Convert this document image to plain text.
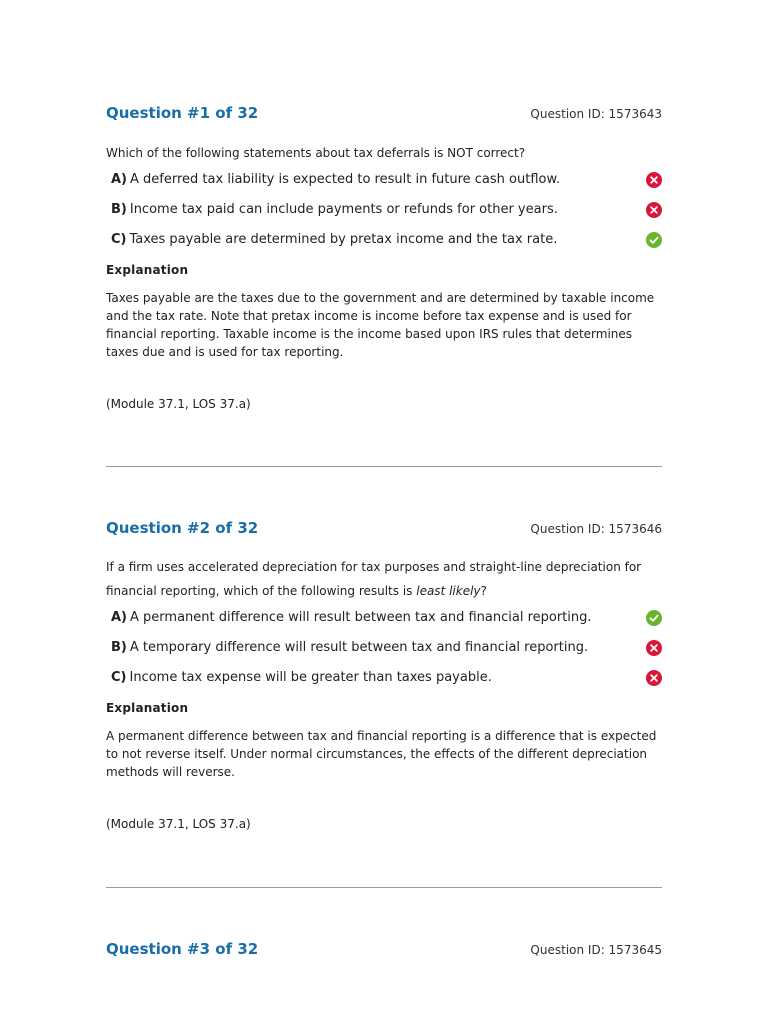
Question #1 of 32	Question ID: 1573643
Which of the following statements about tax deferrals is NOT correct?
A) A deferred tax liability is expected to result in future cash outflow.
B) Income tax paid can include payments or refunds for other years.
C) Taxes payable are determined by pretax income and the tax rate.
Explanation
Taxes payable are the taxes due to the government and are determined by taxable income and the tax rate. Note that pretax income is income before tax expense and is used for financial reporting. Taxable income is the income based upon IRS rules that determines taxes due and is used for tax reporting.
(Module 37.1, LOS 37.a)
Question #2 of 32	Question ID: 1573646
If a firm uses accelerated depreciation for tax purposes and straight-line depreciation for financial reporting, which of the following results is least likely?
A) A permanent difference will result between tax and financial reporting.
B) A temporary difference will result between tax and financial reporting.
C) Income tax expense will be greater than taxes payable.
Explanation
A permanent difference between tax and financial reporting is a difference that is expected to not reverse itself. Under normal circumstances, the effects of the different depreciation methods will reverse.
(Module 37.1, LOS 37.a)
Question #3 of 32	Question ID: 1573645
